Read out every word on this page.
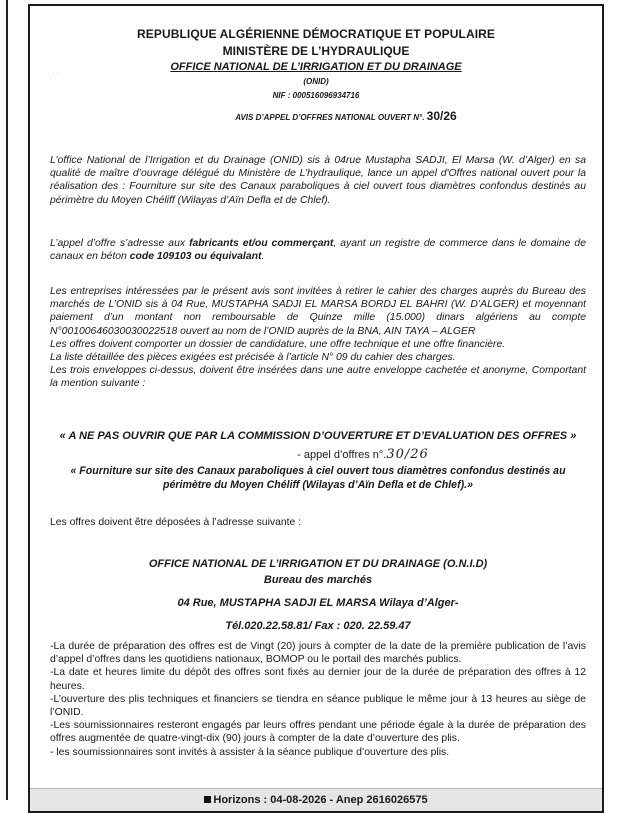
· ·
REPUBLIQUE ALGÉRIENNE DÉMOCRATIQUE ET POPULAIRE
MINISTÈRE DE L’HYDRAULIQUE
OFFICE NATIONAL DE L’IRRIGATION ET DU DRAINAGE
(ONID)
NIF : 000516096934716
AVIS D’APPEL D’OFFRES NATIONAL OUVERT N°. 30/26
L’office National de l’Irrigation et du Drainage (ONID) sis à 04rue Mustapha SADJI, El Marsa (W. d’Alger) en sa qualité de maître d’ouvrage délégué du Ministère de L’hydraulique, lance un appel d'Offres national ouvert pour la réalisation des : Fourniture sur site des Canaux paraboliques à ciel ouvert tous diamètres confondus destinés au périmètre du Moyen Chéliff (Wilayas d’Aïn Defla et de Chlef).
L’appel d’offre s’adresse aux fabricants et/ou commerçant, ayant un registre de commerce dans le domaine de canaux en béton code 109103 ou équivalant.
Les entreprises intéressées par le présent avis sont invitées à retirer le cahier des charges auprès du Bureau des marchés de L’ONID sis à 04 Rue, MUSTAPHA SADJI EL MARSA BORDJ EL BAHRI (W. D’ALGER) et moyennant paiement d’un montant non remboursable de Quinze mille (15.000) dinars algériens au compte N°00100646030030022518 ouvert au nom de l’ONID auprès de la BNA, AIN TAYA – ALGER
Les offres doivent comporter un dossier de candidature, une offre technique et une offre financière.
La liste détaillée des pièces exigées est précisée à l’article N° 09 du cahier des charges.
Les trois enveloppes ci-dessus, doivent être insérées dans une autre enveloppe cachetée et anonyme, Comportant la mention suivante :
« A NE PAS OUVRIR QUE PAR LA COMMISSION D’OUVERTURE ET D’EVALUATION DES OFFRES »
- appel d’offres n°.30/26
« Fourniture sur site des Canaux paraboliques à ciel ouvert tous diamètres confondus destinés au périmètre du Moyen Chéliff (Wilayas d’Aïn Defla et de Chlef).»
Les offres doivent être déposées à l’adresse suivante :
OFFICE NATIONAL DE L’IRRIGATION ET DU DRAINAGE (O.N.I.D)
Bureau des marchés
04 Rue, MUSTAPHA SADJI EL MARSA Wilaya d’Alger-
Tél.020.22.58.81/ Fax : 020. 22.59.47
-La durée de préparation des offres est de Vingt (20) jours à compter de la date de la première publication de l’avis d’appel d’offres dans les quotidiens nationaux, BOMOP ou le portail des marchés publics.
-La date et heures limite du dépôt des offres sont fixés au dernier jour de la durée de préparation des offres à 12 heures.
-L’ouverture des plis techniques et financiers se tiendra en séance publique le même jour à 13 heures au siège de l’ONID.
-Les soumissionnaires resteront engagés par leurs offres pendant une période égale à la durée de préparation des offres augmentée de quatre-vingt-dix (90) jours à compter de la date d’ouverture des plis.
- les soumissionnaires sont invités à assister à la séance publique d’ouverture des plis.
Horizons : 04-08-2026 - Anep 2616026575
